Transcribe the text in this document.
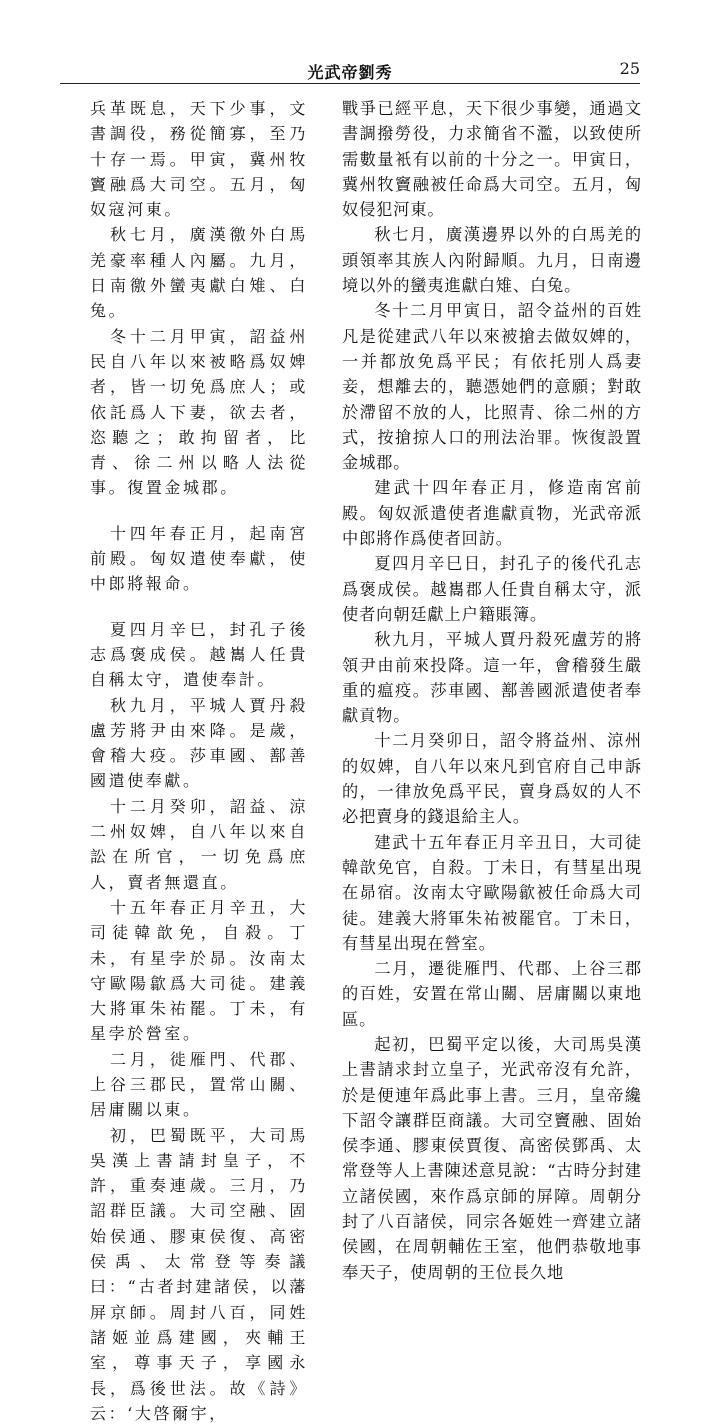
光武帝劉秀	25

兵革既息，天下少事，文書調役，務從簡寡，至乃十存一焉。甲寅，冀州牧竇融爲大司空。五月，匈奴寇河東。

　秋七月，廣漢徼外白馬羌豪率種人內屬。九月，日南徼外蠻夷獻白雉、白兔。

　冬十二月甲寅，詔益州民自八年以來被略爲奴婢者，皆一切免爲庶人；或依託爲人下妻，欲去者，恣聽之；敢拘留者，比青、徐二州以略人法從事。復置金城郡。

　十四年春正月，起南宮前殿。匈奴遣使奉獻，使中郎將報命。

　夏四月辛巳，封孔子後志爲褒成侯。越巂人任貴自稱太守，遣使奉計。

　秋九月，平城人賈丹殺盧芳將尹由來降。是歲，會稽大疫。莎車國、鄯善國遣使奉獻。

　十二月癸卯，詔益、涼二州奴婢，自八年以來自訟在所官，一切免爲庶人，賣者無還直。

　十五年春正月辛丑，大司徒韓歆免，自殺。丁未，有星孛於昴。汝南太守歐陽歙爲大司徒。建義大將軍朱祐罷。丁未，有星孛於營室。

　二月，徙雁門、代郡、上谷三郡民，置常山關、居庸關以東。

　初，巴蜀既平，大司馬吳漢上書請封皇子，不許，重奏連歲。三月，乃詔群臣議。大司空融、固始侯通、膠東侯復、高密侯禹、太常登等奏議曰：“古者封建諸侯，以藩屏京師。周封八百，同姓諸姬並爲建國，夾輔王室，尊事天子，享國永長，爲後世法。故《詩》云：‘大啓爾宇，

戰爭已經平息，天下很少事變，通過文書調撥勞役，力求簡省不濫，以致使所需數量衹有以前的十分之一。甲寅日，冀州牧竇融被任命爲大司空。五月，匈奴侵犯河東。

秋七月，廣漢邊界以外的白馬羌的頭領率其族人內附歸順。九月，日南邊境以外的蠻夷進獻白雉、白兔。

冬十二月甲寅日，詔令益州的百姓凡是從建武八年以來被搶去做奴婢的，一并都放免爲平民；有依托別人爲妻妾，想離去的，聽憑她們的意願；對敢於滯留不放的人，比照青、徐二州的方式，按搶掠人口的刑法治罪。恢復設置金城郡。

建武十四年春正月，修造南宮前殿。匈奴派遣使者進獻貢物，光武帝派中郎將作爲使者回訪。

夏四月辛巳日，封孔子的後代孔志爲褒成侯。越巂郡人任貴自稱太守，派使者向朝廷獻上户籍賬簿。

秋九月，平城人賈丹殺死盧芳的將領尹由前來投降。這一年，會稽發生嚴重的瘟疫。莎車國、鄯善國派遣使者奉獻貢物。

十二月癸卯日，詔令將益州、涼州的奴婢，自八年以來凡到官府自己申訴的，一律放免爲平民，賣身爲奴的人不必把賣身的錢退給主人。

建武十五年春正月辛丑日，大司徒韓歆免官，自殺。丁未日，有彗星出現在昴宿。汝南太守歐陽歙被任命爲大司徒。建義大將軍朱祐被罷官。丁未日，有彗星出現在營室。

二月，遷徙雁門、代郡、上谷三郡的百姓，安置在常山關、居庸關以東地區。

起初，巴蜀平定以後，大司馬吳漢上書請求封立皇子，光武帝沒有允許，於是便連年爲此事上書。三月，皇帝纔下詔令讓群臣商議。大司空竇融、固始侯李通、膠東侯賈復、高密侯鄧禹、太常登等人上書陳述意見說：“古時分封建立諸侯國，來作爲京師的屏障。周朝分封了八百諸侯，同宗各姬姓一齊建立諸侯國，在周朝輔佐王室，他們恭敬地事奉天子，使周朝的王位長久地
